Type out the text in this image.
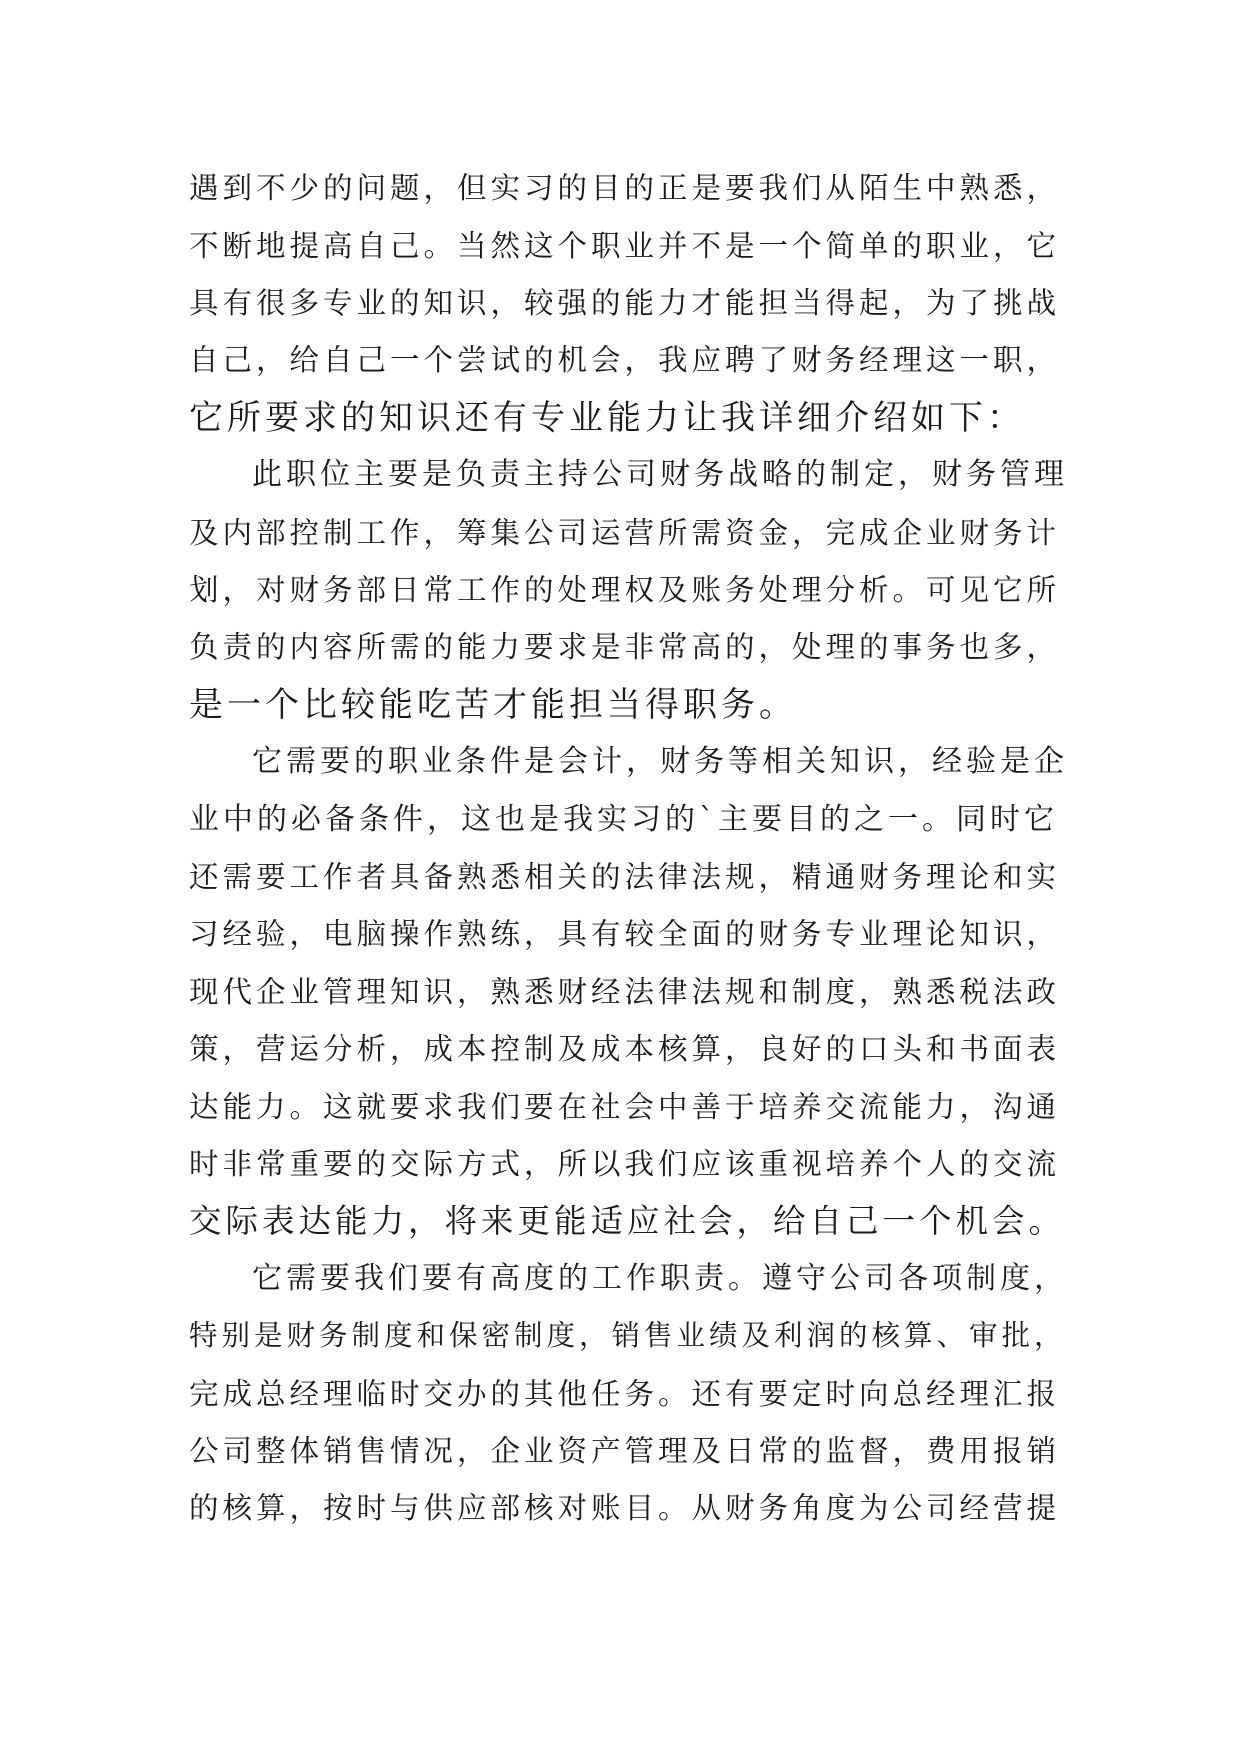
遇到不少的问题，但实习的目的正是要我们从陌生中熟悉，
不断地提高自己。当然这个职业并不是一个简单的职业，它
具有很多专业的知识，较强的能力才能担当得起，为了挑战
自己，给自己一个尝试的机会，我应聘了财务经理这一职，
它所要求的知识还有专业能力让我详细介绍如下：
此职位主要是负责主持公司财务战略的制定，财务管理
及内部控制工作，筹集公司运营所需资金，完成企业财务计
划，对财务部日常工作的处理权及账务处理分析。可见它所
负责的内容所需的能力要求是非常高的，处理的事务也多，
是一个比较能吃苦才能担当得职务。
它需要的职业条件是会计，财务等相关知识，经验是企
业中的必备条件，这也是我实习的`主要目的之一。同时它
还需要工作者具备熟悉相关的法律法规，精通财务理论和实
习经验，电脑操作熟练，具有较全面的财务专业理论知识，
现代企业管理知识，熟悉财经法律法规和制度，熟悉税法政
策，营运分析，成本控制及成本核算，良好的口头和书面表
达能力。这就要求我们要在社会中善于培养交流能力，沟通
时非常重要的交际方式，所以我们应该重视培养个人的交流
交际表达能力，将来更能适应社会，给自己一个机会。
它需要我们要有高度的工作职责。遵守公司各项制度，
特别是财务制度和保密制度，销售业绩及利润的核算、审批，
完成总经理临时交办的其他任务。还有要定时向总经理汇报
公司整体销售情况，企业资产管理及日常的监督，费用报销
的核算，按时与供应部核对账目。从财务角度为公司经营提
